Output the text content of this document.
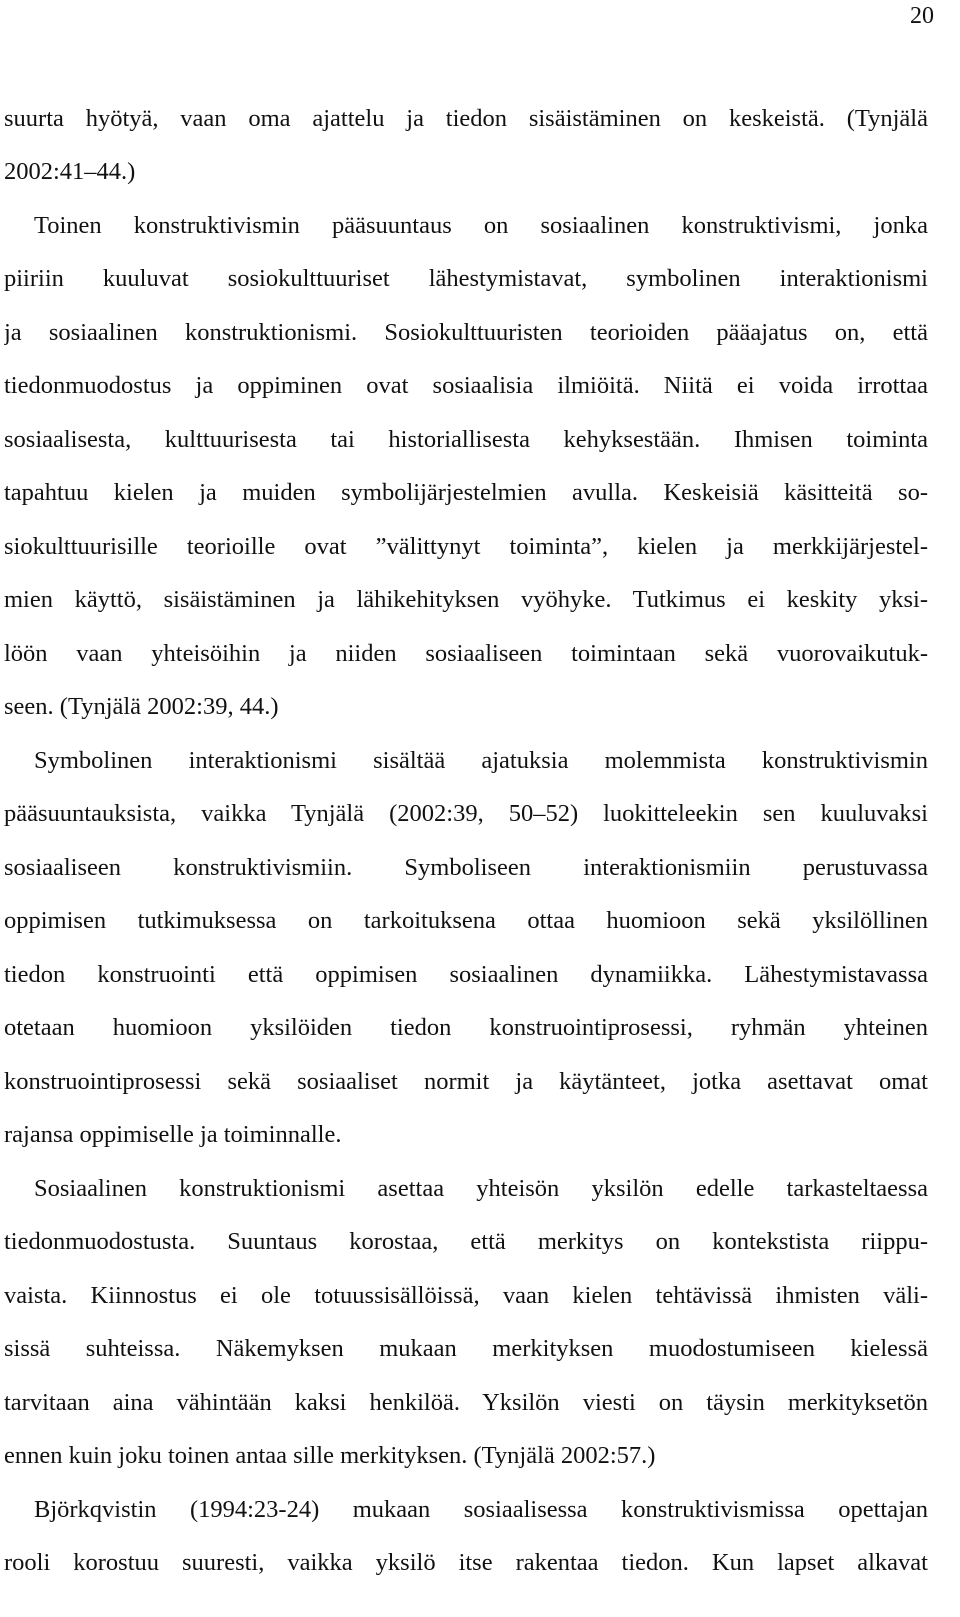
20
suurta hyötyä, vaan oma ajattelu ja tiedon sisäistäminen on keskeistä. (Tynjälä
2002:41–44.)
Toinen konstruktivismin pääsuuntaus on sosiaalinen konstruktivismi, jonka
piiriin kuuluvat sosiokulttuuriset lähestymistavat, symbolinen interaktionismi
ja sosiaalinen konstruktionismi. Sosiokulttuuristen teorioiden pääajatus on, että
tiedonmuodostus ja oppiminen ovat sosiaalisia ilmiöitä. Niitä ei voida irrottaa
sosiaalisesta, kulttuurisesta tai historiallisesta kehyksestään. Ihmisen toiminta
tapahtuu kielen ja muiden symbolijärjestelmien avulla. Keskeisiä käsitteitä so-
siokulttuurisille teorioille ovat ”välittynyt toiminta”, kielen ja merkkijärjestel-
mien käyttö, sisäistäminen ja lähikehityksen vyöhyke. Tutkimus ei keskity yksi-
löön vaan yhteisöihin ja niiden sosiaaliseen toimintaan sekä vuorovaikutuk-
seen. (Tynjälä 2002:39, 44.)
Symbolinen interaktionismi sisältää ajatuksia molemmista konstruktivismin
pääsuuntauksista, vaikka Tynjälä (2002:39, 50–52) luokitteleekin sen kuuluvaksi
sosiaaliseen konstruktivismiin. Symboliseen interaktionismiin perustuvassa
oppimisen tutkimuksessa on tarkoituksena ottaa huomioon sekä yksilöllinen
tiedon konstruointi että oppimisen sosiaalinen dynamiikka. Lähestymistavassa
otetaan huomioon yksilöiden tiedon konstruointiprosessi, ryhmän yhteinen
konstruointiprosessi sekä sosiaaliset normit ja käytänteet, jotka asettavat omat
rajansa oppimiselle ja toiminnalle.
Sosiaalinen konstruktionismi asettaa yhteisön yksilön edelle tarkasteltaessa
tiedonmuodostusta. Suuntaus korostaa, että merkitys on kontekstista riippu-
vaista. Kiinnostus ei ole totuussisällöissä, vaan kielen tehtävissä ihmisten väli-
sissä suhteissa. Näkemyksen mukaan merkityksen muodostumiseen kielessä
tarvitaan aina vähintään kaksi henkilöä. Yksilön viesti on täysin merkityksetön
ennen kuin joku toinen antaa sille merkityksen. (Tynjälä 2002:57.)
Björkqvistin (1994:23-24) mukaan sosiaalisessa konstruktivismissa opettajan
rooli korostuu suuresti, vaikka yksilö itse rakentaa tiedon. Kun lapset alkavat
